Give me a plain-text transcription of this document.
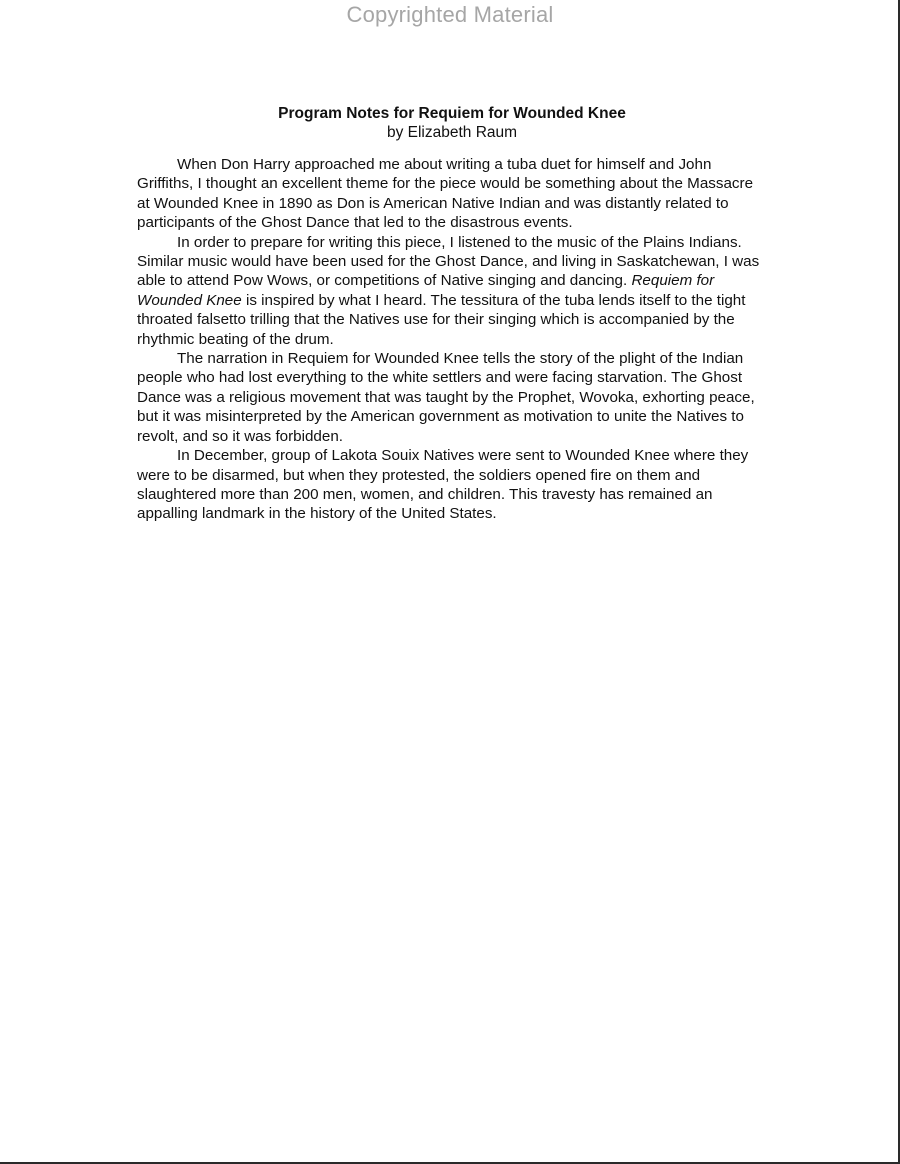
Copyrighted Material

Program Notes for Requiem for Wounded Knee

by Elizabeth Raum

When Don Harry approached me about writing a tuba duet for himself and John Griffiths, I thought an excellent theme for the piece would be something about the Massacre at Wounded Knee in 1890 as Don is American Native Indian and was distantly related to participants of the Ghost Dance that led to the disastrous events.

In order to prepare for writing this piece, I listened to the music of the Plains Indians. Similar music would have been used for the Ghost Dance, and living in Saskatchewan, I was able to attend Pow Wows, or competitions of Native singing and dancing. Requiem for Wounded Knee is inspired by what I heard. The tessitura of the tuba lends itself to the tight throated falsetto trilling that the Natives use for their singing which is accompanied by the rhythmic beating of the drum.

The narration in Requiem for Wounded Knee tells the story of the plight of the Indian people who had lost everything to the white settlers and were facing starvation. The Ghost Dance was a religious movement that was taught by the Prophet, Wovoka, exhorting peace, but it was misinterpreted by the American government as motivation to unite the Natives to revolt, and so it was forbidden.

In December, group of Lakota Souix Natives were sent to Wounded Knee where they were to be disarmed, but when they protested, the soldiers opened fire on them and slaughtered more than 200 men, women, and children. This travesty has remained an appalling landmark in the history of the United States.
